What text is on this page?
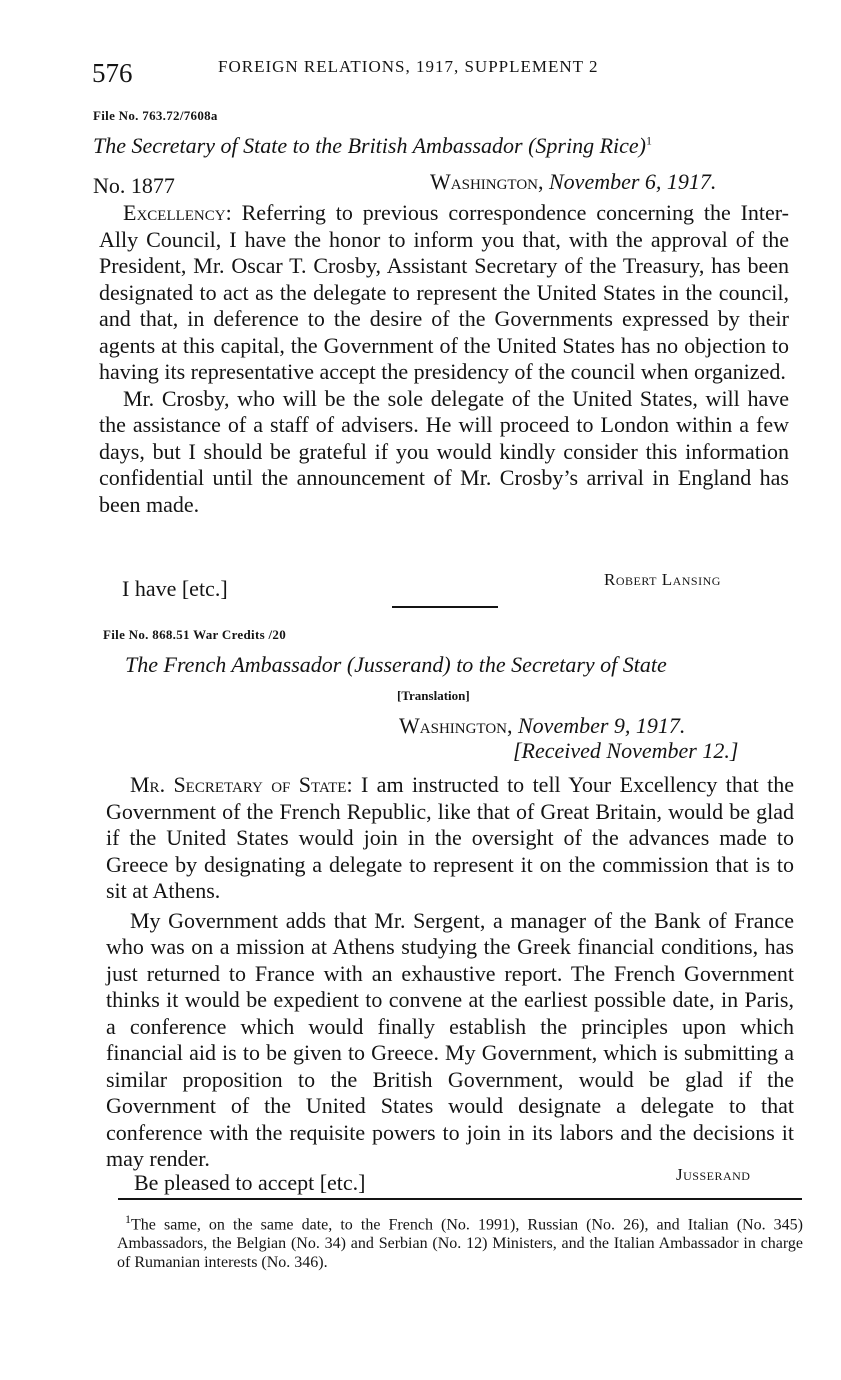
576	FOREIGN RELATIONS, 1917, SUPPLEMENT 2
File No. 763.72/7608a
The Secretary of State to the British Ambassador (Spring Rice)$^1$
No. 1877	Washington, November 6, 1917.

Excellency: Referring to previous correspondence concerning the Inter-Ally Council, I have the honor to inform you that, with the approval of the President, Mr. Oscar T. Crosby, Assistant Secretary of the Treasury, has been designated to act as the delegate to represent the United States in the council, and that, in deference to the desire of the Governments expressed by their agents at this capital, the Government of the United States has no objection to having its representative accept the presidency of the council when organized.

Mr. Crosby, who will be the sole delegate of the United States, will have the assistance of a staff of advisers. He will proceed to London within a few days, but I should be grateful if you would kindly consider this information confidential until the announcement of Mr. Crosby’s arrival in England has been made.

I have [etc.]	Robert Lansing
File No. 868.51 War Credits /20
The French Ambassador (Jusserand) to the Secretary of State
[Translation]
Washington, November 9, 1917.
[Received November 12.]

Mr. Secretary of State: I am instructed to tell Your Excellency that the Government of the French Republic, like that of Great Britain, would be glad if the United States would join in the oversight of the advances made to Greece by designating a delegate to represent it on the commission that is to sit at Athens.

My Government adds that Mr. Sergent, a manager of the Bank of France who was on a mission at Athens studying the Greek financial conditions, has just returned to France with an exhaustive report. The French Government thinks it would be expedient to convene at the earliest possible date, in Paris, a conference which would finally establish the principles upon which financial aid is to be given to Greece. My Government, which is submitting a similar proposition to the British Government, would be glad if the Government of the United States would designate a delegate to that conference with the requisite powers to join in its labors and the decisions it may render.

Be pleased to accept [etc.]	Jusserand

$^1$The same, on the same date, to the French (No. 1991), Russian (No. 26), and Italian (No. 345) Ambassadors, the Belgian (No. 34) and Serbian (No. 12) Ministers, and the Italian Ambassador in charge of Rumanian interests (No. 346).
